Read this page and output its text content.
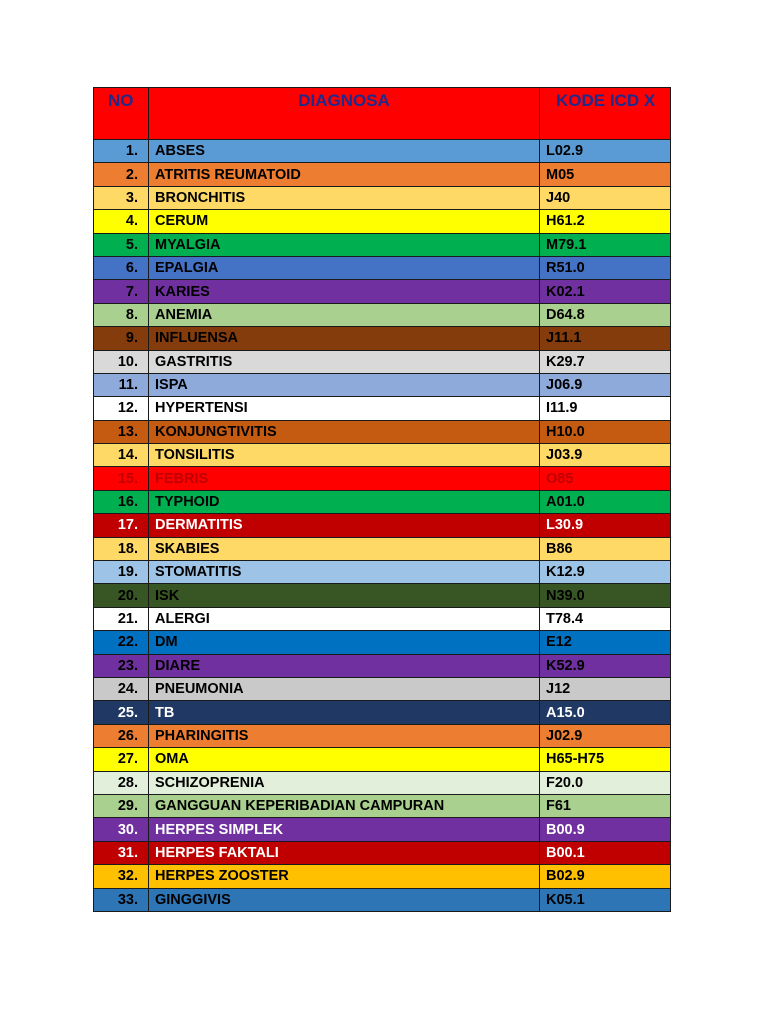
NO	DIAGNOSA	KODE ICD X
1.	ABSES	L02.9
2.	ATRITIS REUMATOID	M05
3.	BRONCHITIS	J40
4.	CERUM	H61.2
5.	MYALGIA	M79.1
6.	EPALGIA	R51.0
7.	KARIES	K02.1
8.	ANEMIA	D64.8
9.	INFLUENSA	J11.1
10.	GASTRITIS	K29.7
11.	ISPA	J06.9
12.	HYPERTENSI	I11.9
13.	KONJUNGTIVITIS	H10.0
14.	TONSILITIS	J03.9
15.	FEBRIS	O85
16.	TYPHOID	A01.0
17.	DERMATITIS	L30.9
18.	SKABIES	B86
19.	STOMATITIS	K12.9
20.	ISK	N39.0
21.	ALERGI	T78.4
22.	DM	E12
23.	DIARE	K52.9
24.	PNEUMONIA	J12
25.	TB	A15.0
26.	PHARINGITIS	J02.9
27.	OMA	H65-H75
28.	SCHIZOPRENIA	F20.0
29.	GANGGUAN KEPERIBADIAN CAMPURAN	F61
30.	HERPES SIMPLEK	B00.9
31.	HERPES FAKTALI	B00.1
32.	HERPES ZOOSTER	B02.9
33.	GINGGIVIS	K05.1
